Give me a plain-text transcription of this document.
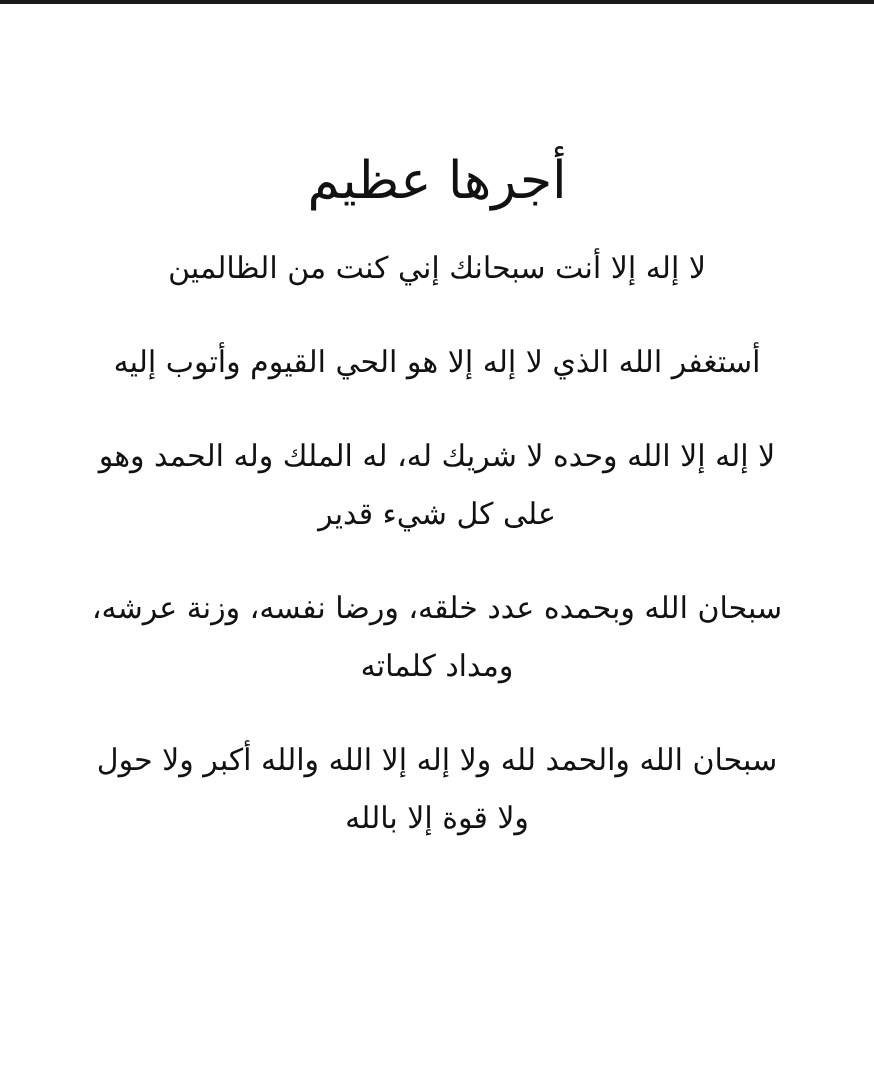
أجرها عظيم

لا إله إلا أنت سبحانك إني كنت من الظالمين

أستغفر الله الذي لا إله إلا هو الحي القيوم وأتوب إليه

لا إله إلا الله وحده لا شريك له، له الملك وله الحمد وهو على كل شيء قدير

سبحان الله وبحمده عدد خلقه، ورضا نفسه، وزنة عرشه، ومداد كلماته

سبحان الله والحمد لله ولا إله إلا الله والله أكبر ولا حول ولا قوة إلا بالله
